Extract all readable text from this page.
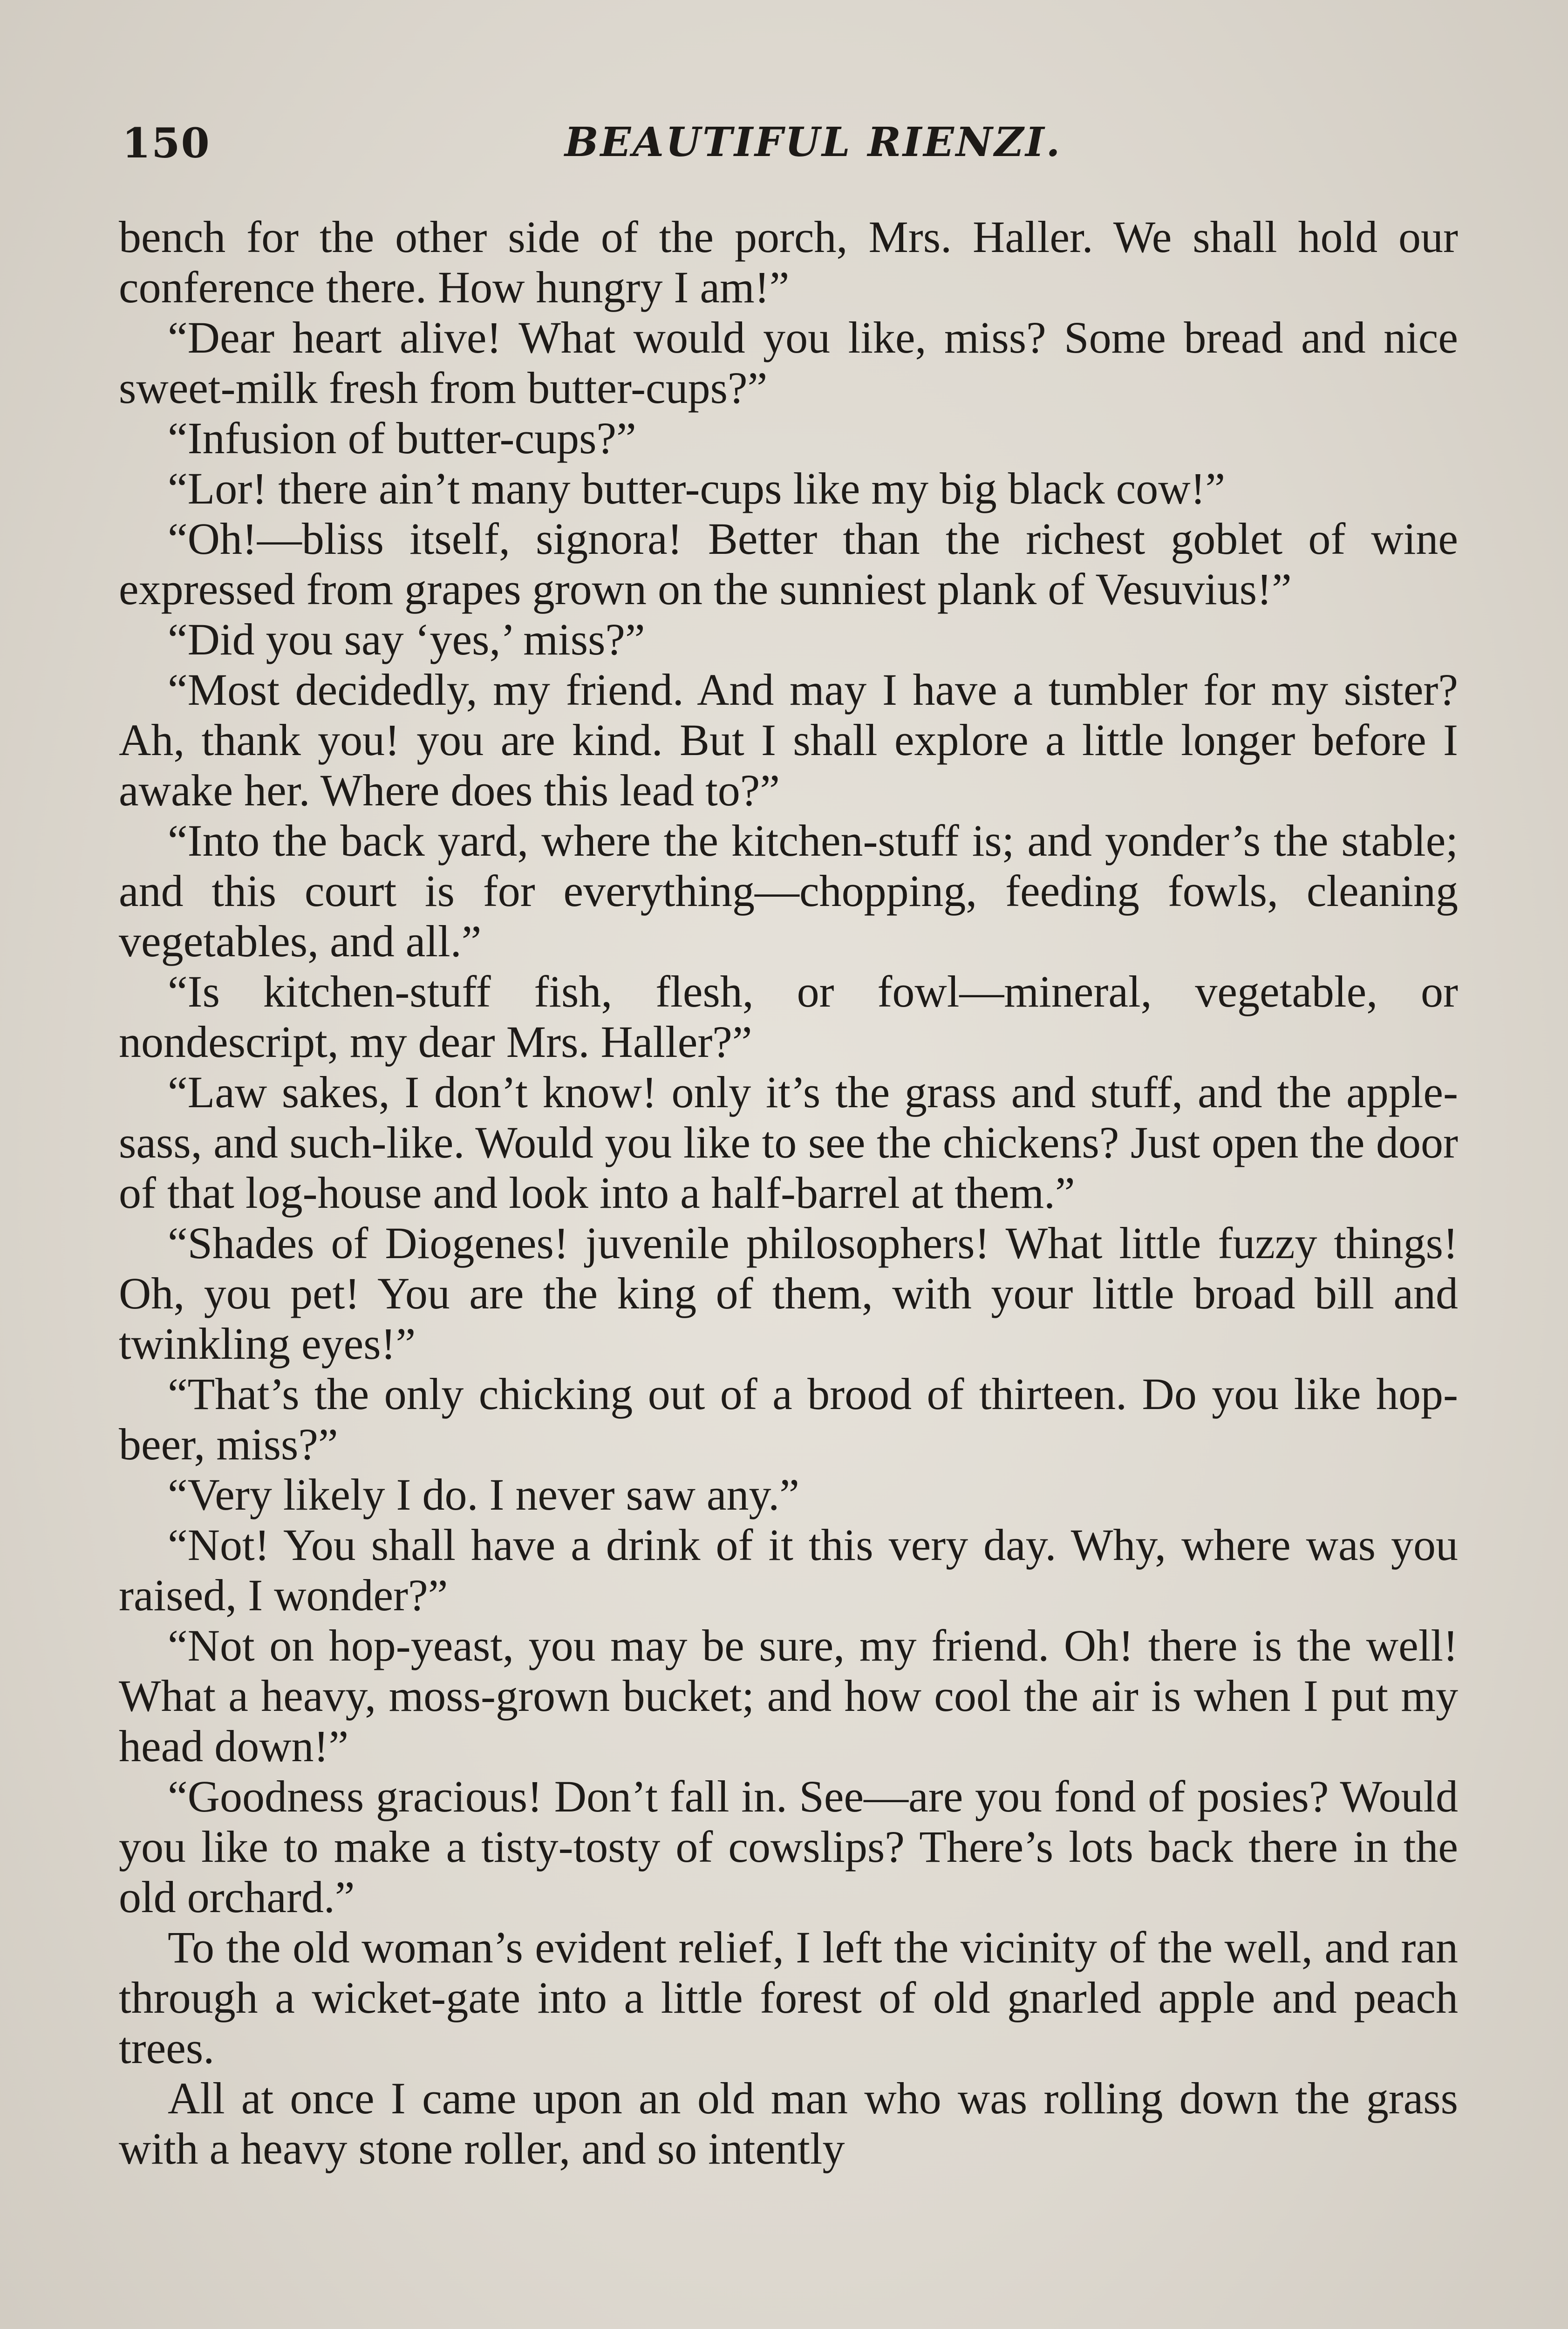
150	BEAUTIFUL RIENZI.

bench for the other side of the porch, Mrs. Haller. We shall hold our conference there. How hungry I am!”

“Dear heart alive! What would you like, miss? Some bread and nice sweet-milk fresh from butter-cups?”

“Infusion of butter-cups?”

“Lor! there ain’t many butter-cups like my big black cow!”

“Oh!—bliss itself, signora! Better than the richest goblet of wine expressed from grapes grown on the sunniest plank of Vesuvius!”

“Did you say ‘yes,’ miss?”

“Most decidedly, my friend. And may I have a tumbler for my sister? Ah, thank you! you are kind. But I shall explore a little longer before I awake her. Where does this lead to?”

“Into the back yard, where the kitchen-stuff is; and yonder’s the stable; and this court is for everything—chopping, feeding fowls, cleaning vegetables, and all.”

“Is kitchen-stuff fish, flesh, or fowl—mineral, vegetable, or nondescript, my dear Mrs. Haller?”

“Law sakes, I don’t know! only it’s the grass and stuff, and the apple-sass, and such-like. Would you like to see the chickens? Just open the door of that log-house and look into a half-barrel at them.”

“Shades of Diogenes! juvenile philosophers! What little fuzzy things! Oh, you pet! You are the king of them, with your little broad bill and twinkling eyes!”

“That’s the only chicking out of a brood of thirteen. Do you like hop-beer, miss?”

“Very likely I do. I never saw any.”

“Not! You shall have a drink of it this very day. Why, where was you raised, I wonder?”

“Not on hop-yeast, you may be sure, my friend. Oh! there is the well! What a heavy, moss-grown bucket; and how cool the air is when I put my head down!”

“Goodness gracious! Don’t fall in. See—are you fond of posies? Would you like to make a tisty-tosty of cowslips? There’s lots back there in the old orchard.”

To the old woman’s evident relief, I left the vicinity of the well, and ran through a wicket-gate into a little forest of old gnarled apple and peach trees.

All at once I came upon an old man who was rolling down the grass with a heavy stone roller, and so intently
